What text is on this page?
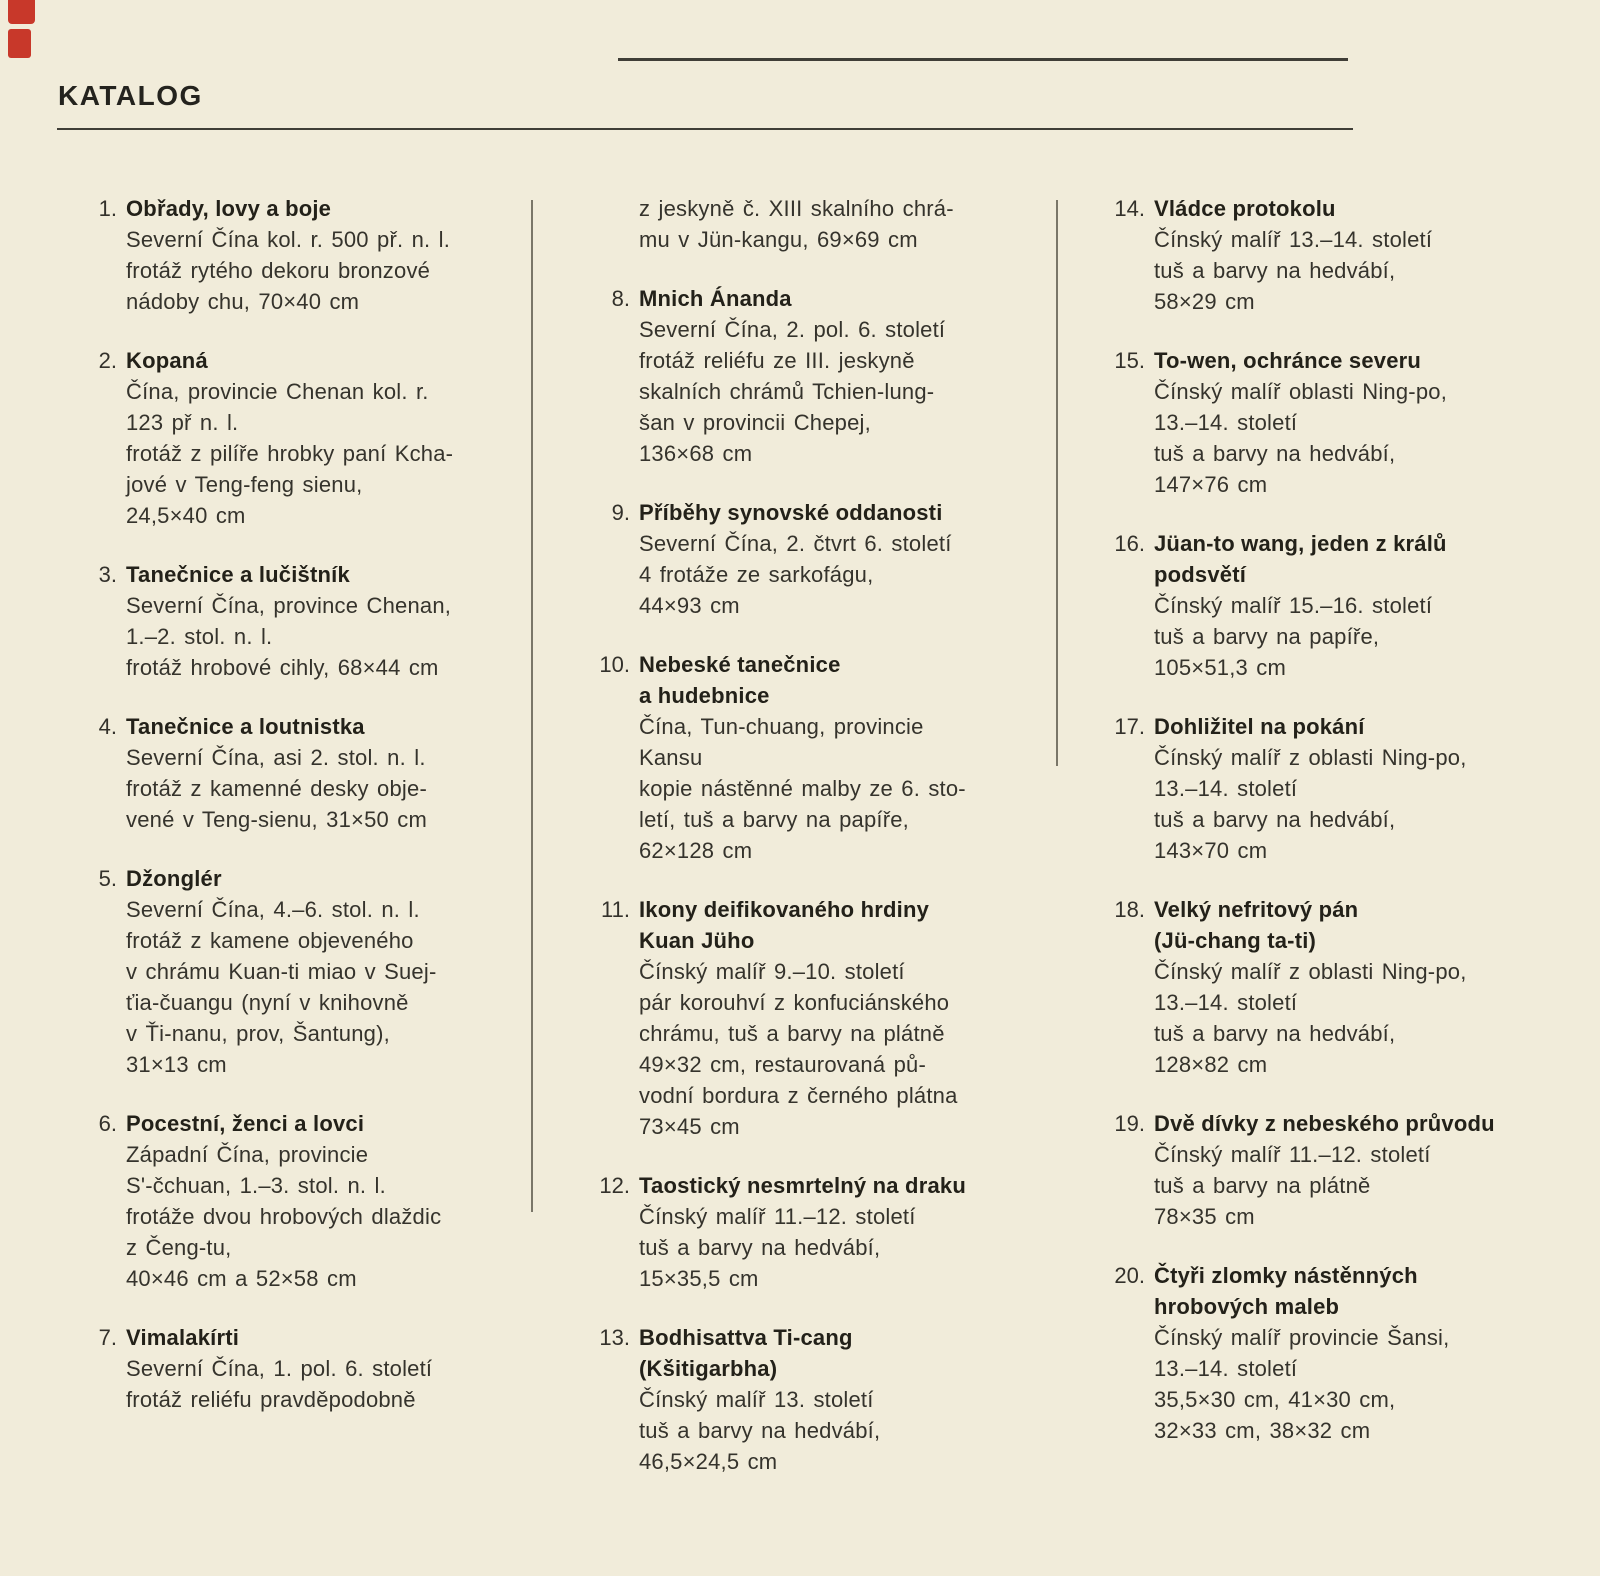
KATALOG
1. Obřady, lovy a boje
Severní Čína kol. r. 500 př. n. l.
frotáž rytého dekoru bronzové
nádoby chu, 70×40 cm
2. Kopaná
Čína, provincie Chenan kol. r.
123 př n. l.
frotáž z pilíře hrobky paní Kcha-
jové v Teng-feng sienu,
24,5×40 cm
3. Tanečnice a lučištník
Severní Čína, province Chenan,
1.–2. stol. n. l.
frotáž hrobové cihly, 68×44 cm
4. Tanečnice a loutnistka
Severní Čína, asi 2. stol. n. l.
frotáž z kamenné desky obje-
vené v Teng-sienu, 31×50 cm
5. Džonglér
Severní Čína, 4.–6. stol. n. l.
frotáž z kamene objeveného
v chrámu Kuan-ti miao v Suej-
ťia-čuangu (nyní v knihovně
v Ťi-nanu, prov, Šantung),
31×13 cm
6. Pocestní, ženci a lovci
Západní Čína, provincie
S'-čchuan, 1.–3. stol. n. l.
frotáže dvou hrobových dlaždic
z Čeng-tu,
40×46 cm a 52×58 cm
7. Vimalakírti
Severní Čína, 1. pol. 6. století
frotáž reliéfu pravděpodobně
z jeskyně č. XIII skalního chrá-
mu v Jün-kangu, 69×69 cm
8. Mnich Ánanda
Severní Čína, 2. pol. 6. století
frotáž reliéfu ze III. jeskyně
skalních chrámů Tchien-lung-
šan v provincii Chepej,
136×68 cm
9. Příběhy synovské oddanosti
Severní Čína, 2. čtvrt 6. století
4 frotáže ze sarkofágu,
44×93 cm
10. Nebeské tanečnice
a hudebnice
Čína, Tun-chuang, provincie
Kansu
kopie nástěnné malby ze 6. sto-
letí, tuš a barvy na papíře,
62×128 cm
11. Ikony deifikovaného hrdiny
Kuan Jüho
Čínský malíř 9.–10. století
pár korouhví z konfuciánského
chrámu, tuš a barvy na plátně
49×32 cm, restaurovaná pů-
vodní bordura z černého plátna
73×45 cm
12. Taostický nesmrtelný na draku
Čínský malíř 11.–12. století
tuš a barvy na hedvábí,
15×35,5 cm
13. Bodhisattva Ti-cang
(Kšitigarbha)
Čínský malíř 13. století
tuš a barvy na hedvábí,
46,5×24,5 cm
14. Vládce protokolu
Čínský malíř 13.–14. století
tuš a barvy na hedvábí,
58×29 cm
15. To-wen, ochránce severu
Čínský malíř oblasti Ning-po,
13.–14. století
tuš a barvy na hedvábí,
147×76 cm
16. Jüan-to wang, jeden z králů
podsvětí
Čínský malíř 15.–16. století
tuš a barvy na papíře,
105×51,3 cm
17. Dohližitel na pokání
Čínský malíř z oblasti Ning-po,
13.–14. století
tuš a barvy na hedvábí,
143×70 cm
18. Velký nefritový pán
(Jü-chang ta-ti)
Čínský malíř z oblasti Ning-po,
13.–14. století
tuš a barvy na hedvábí,
128×82 cm
19. Dvě dívky z nebeského průvodu
Čínský malíř 11.–12. století
tuš a barvy na plátně
78×35 cm
20. Čtyři zlomky nástěnných
hrobových maleb
Čínský malíř provincie Šansi,
13.–14. století
35,5×30 cm, 41×30 cm,
32×33 cm, 38×32 cm
